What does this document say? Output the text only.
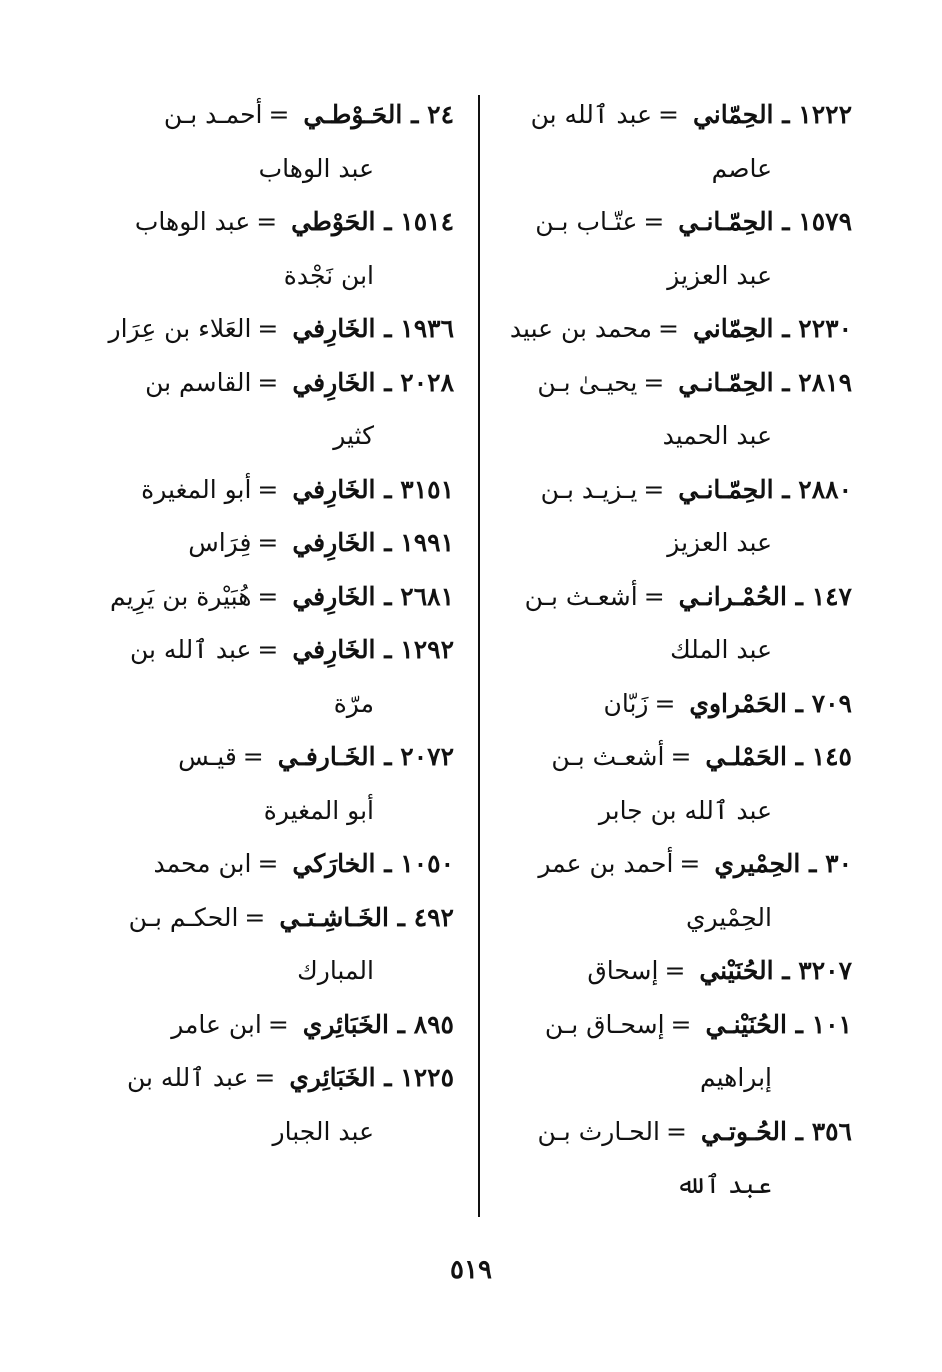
١٢٢٢ ـ الحِمّاني =عبد ٱلله بن
عاصم

١٥٧٩ ـ الحِمّـانـي =عتّـاب بـن
عبد العزيز

٢٢٣٠ ـ الحِمّاني =محمد بن عبيد

٢٨١٩ ـ الحِمّـانـي =يحيـىٰ بـن
عبد الحميد

٢٨٨٠ ـ الحِمّـانـي =يـزيـد بـن
عبد العزيز

١٤٧ ـ الحُمْـرانـي =أشعـث بـن
عبد الملك

٧٠٩ ـ الحَمْراوي =زَبّان

١٤٥ ـ الحَمْلـي =أشعـث بـن
عبد ٱلله بن جابر

٣٠ ـ الحِمْيري =أحمد بن عمر
الحِمْيري

٣٢٠٧ ـ الحُنَيْني =إسحاق

١٠١ ـ الحُنَيْنـي =إسحـاق بـن
إبراهيم

٣٥٦ ـ الحُـوتـي =الحـارث بـن
عبد ٱلله

٢٤ ـ الحَـوْطـي =أحمـد بـن
عبد الوهاب

١٥١٤ ـ الحَوْطي =عبد الوهاب
ابن نَجْدة

١٩٣٦ ـ الخَارِفي =العَلاء بن عِرَار

٢٠٢٨ ـ الخَارِفي =القاسم بن
كثير

٣١٥١ ـ الخَارِفي =أبو المغيرة

١٩٩١ ـ الخَارِفي =فِرَاس

٢٦٨١ ـ الخَارِفي =هُبَيْرة بن يَرِيم

١٢٩٢ ـ الخَارِفي =عبد ٱلله بن
مرّة

٢٠٧٢ ـ الخَـارفـي =قيـس
أبو المغيرة

١٠٥٠ ـ الخارَكي =ابن محمد

٤٩٢ ـ الخَـاشِـتـي =الحكـم بـن
المبارك

٨٩٥ ـ الخَبَائِري =ابن عامر

١٢٢٥ ـ الخَبَائِري =عبد ٱلله بن
عبد الجبار

٥١٩
